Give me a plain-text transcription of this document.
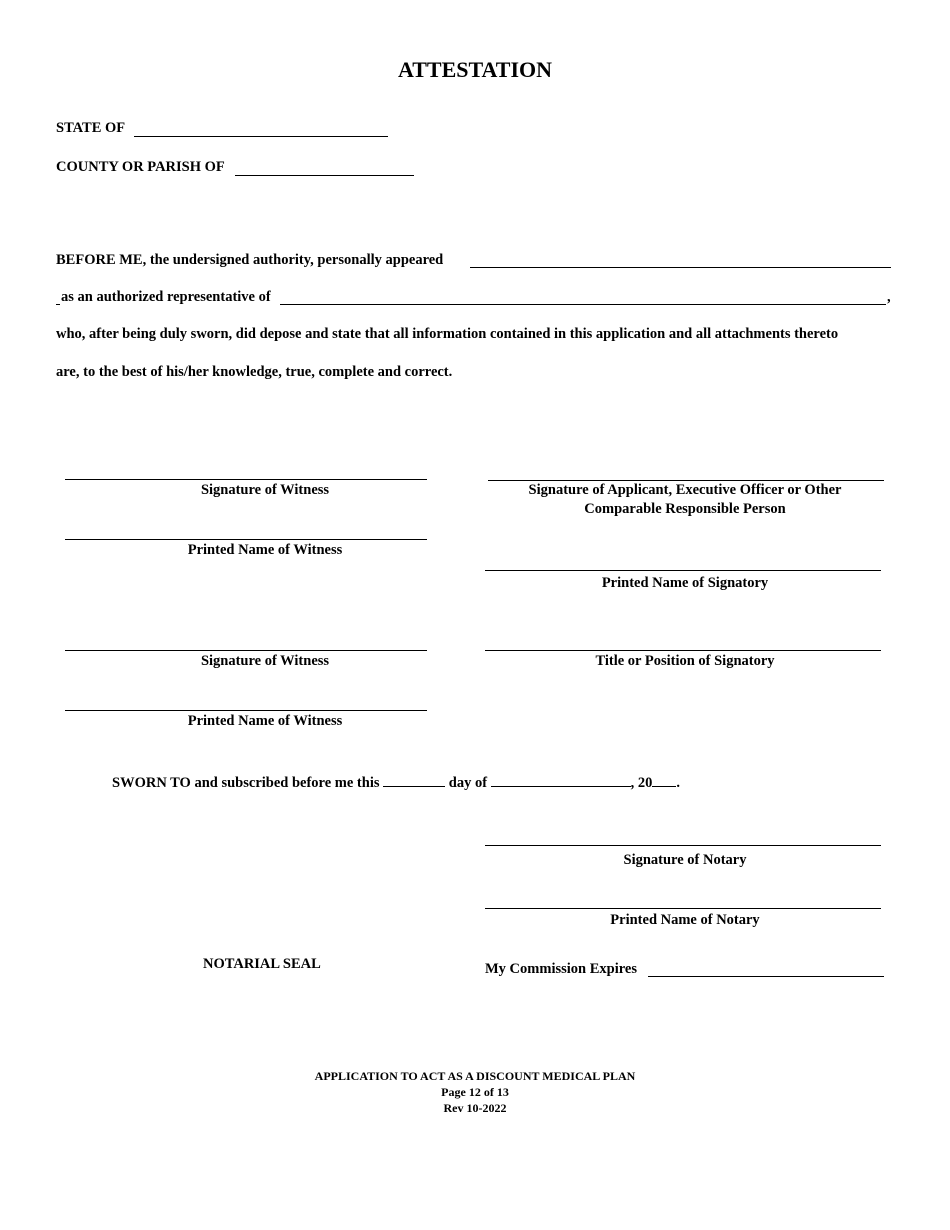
ATTESTATION
STATE OF
COUNTY OR PARISH OF
BEFORE ME, the undersigned authority, personally appeared
as an authorized representative of	,
who, after being duly sworn, did depose and state that all information contained in this application and all attachments thereto
are, to the best of his/her knowledge, true, complete and correct.
Signature of Witness
Printed Name of Witness
Signature of Witness
Printed Name of Witness
Signature of Applicant, Executive Officer or Other
Comparable Responsible Person
Printed Name of Signatory
Title or Position of Signatory
SWORN TO and subscribed before me this	day of	, 20 .
Signature of Notary
Printed Name of Notary
NOTARIAL SEAL	My Commission Expires
APPLICATION TO ACT AS A DISCOUNT MEDICAL PLAN
Page 12 of 13
Rev 10-2022
